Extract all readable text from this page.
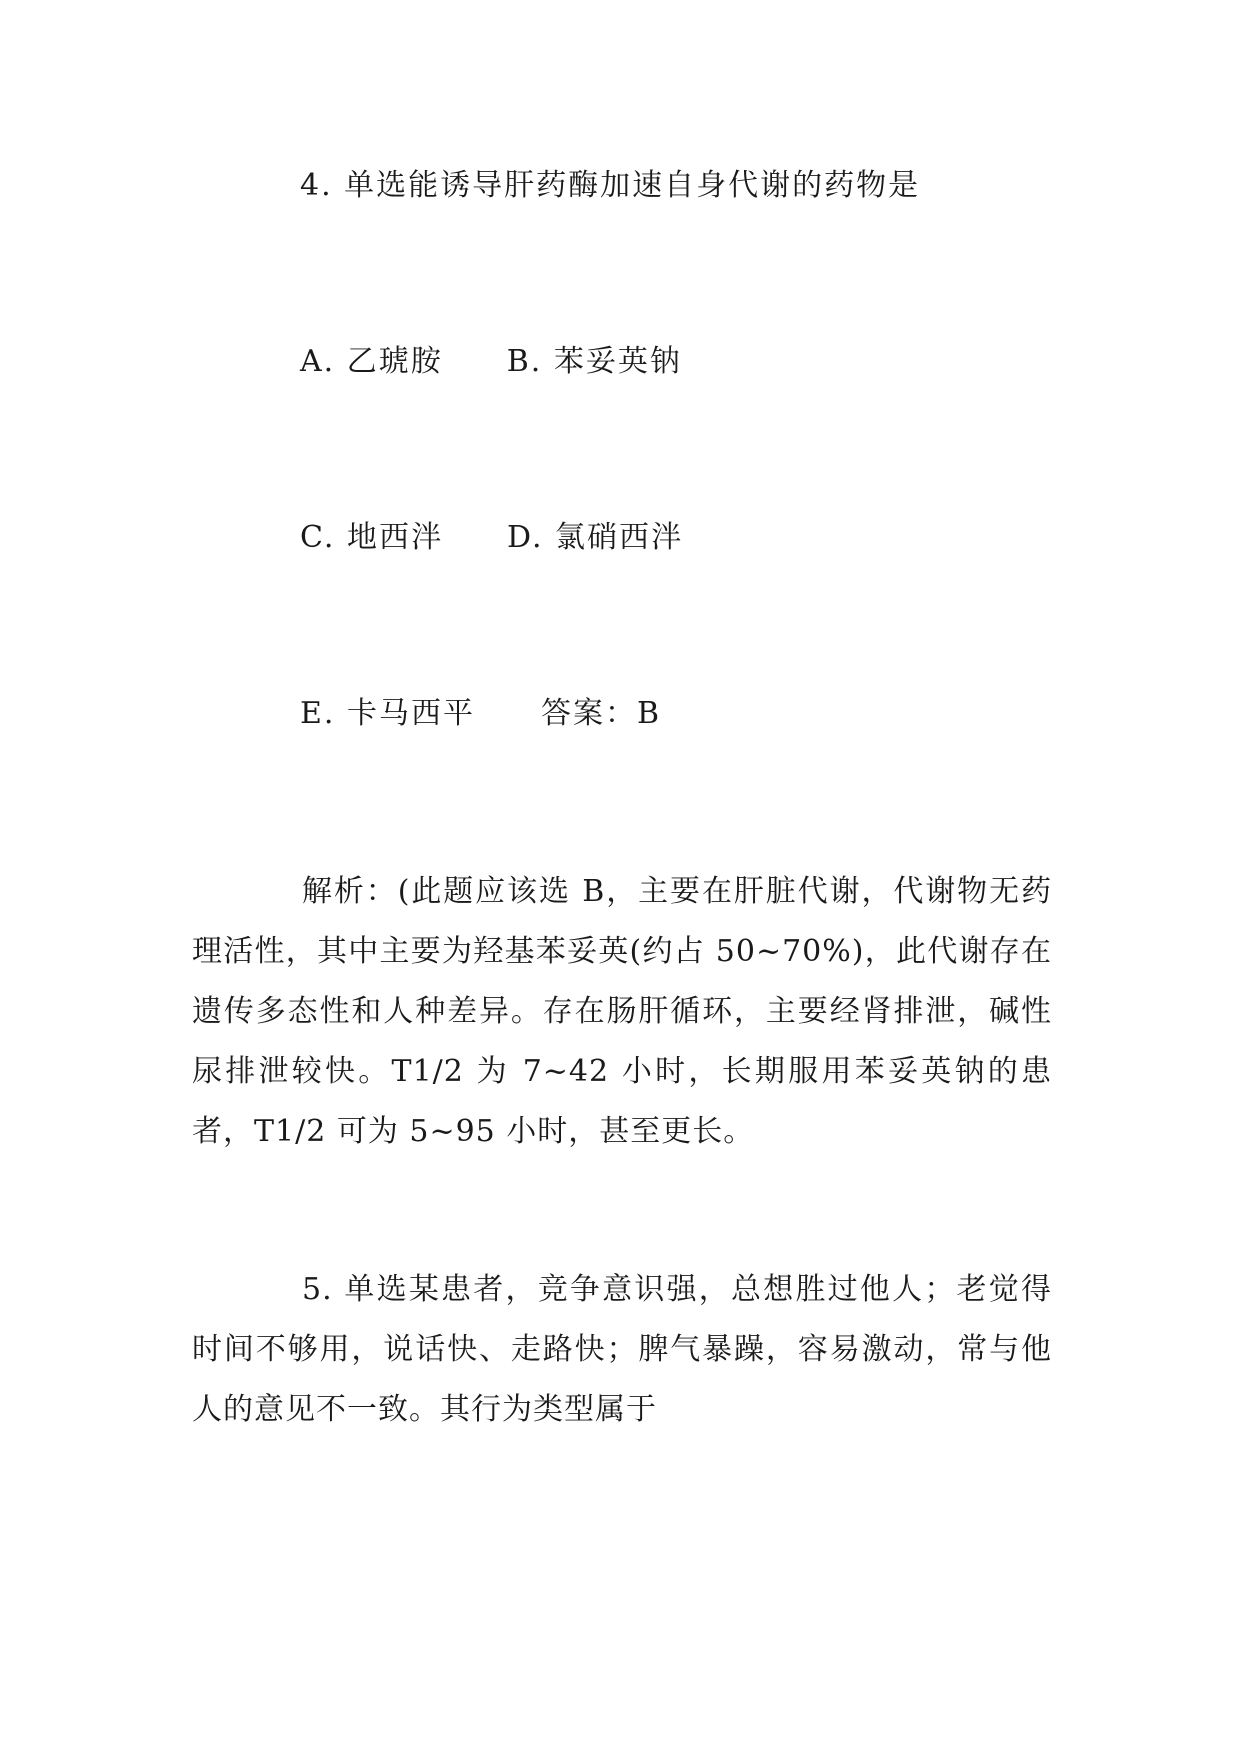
4. 单选能诱导肝药酶加速自身代谢的药物是
A. 乙琥胺 B. 苯妥英钠
C. 地西泮 D. 氯硝西泮
E. 卡马西平 答案：B
解析：(此题应该选 B，主要在肝脏代谢，代谢物无药理活性，其中主要为羟基苯妥英(约占 50~70%)，此代谢存在遗传多态性和人种差异。存在肠肝循环，主要经肾排泄，碱性尿排泄较快。T1/2 为 7~42 小时，长期服用苯妥英钠的患者，T1/2 可为 5~95 小时，甚至更长。
5. 单选某患者，竞争意识强，总想胜过他人；老觉得时间不够用，说话快、走路快；脾气暴躁，容易激动，常与他人的意见不一致。其行为类型属于
